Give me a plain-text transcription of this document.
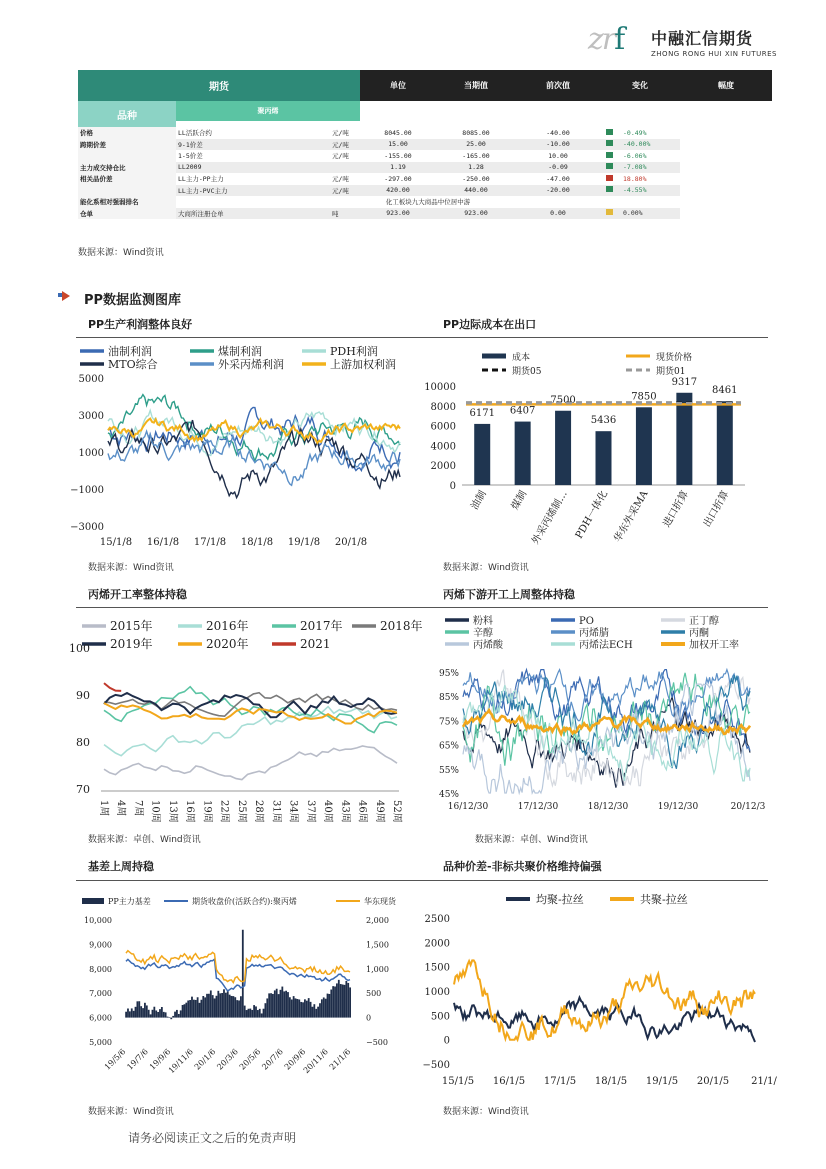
zrf 中融汇信期货
ZHONG RONG HUI XIN FUTURES
期货			单位	当期值	前次值	变化	幅度
品种	聚丙烯						

价格	LL活跃合约	元/吨	8045.00	8085.00	-40.00	-0.49%	
跨期价差	9-1价差	元/吨	15.00	25.00	-10.00	-40.00%	
	1-5价差	元/吨	-155.00	-165.00	10.00	-6.06%	
主力成交持仓比	LL2009		1.19	1.28	-0.09	-7.08%	
相关品价差	LL主力-PP主力	元/吨	-297.00	-250.00	-47.00	18.80%	
	LL主力-PVC主力	元/吨	420.00	440.00	-20.00	-4.55%	
能化系相对强弱排名	化工板块九大商品中位居中游						
仓单	大商所注册仓单	吨	923.00	923.00	0.00	0.00%	
数据来源：Wind资讯
PP数据监测图库
PP生产利润整体良好	PP边际成本在出口
丙烯开工率整体持稳	丙烯下游开工上周整体持稳
基差上周持稳	品种价差-非标共聚价格维持偏强
油制利润	煤制利润	PDH利润
MTO综合	外采丙烯利润	上游加权利润
5000
3000
1000
−1000
−3000
15/1/8 16/1/8 17/1/8 18/1/8 19/1/8 20/1/8
数据来源：Wind资讯
成本	现货价格
期货05	期货01
10000
8000
6000
4000
2000
0
6171
油制
6407
煤制
7500
外采丙烯制…
5436
PDH一体化
7850
华东外采MA
9317
进口折算
8461
出口折算
数据来源：Wind资讯
2015年	2016年	2017年	2018年
2019年	2020年	2021
100
90
80
70
1周 4周 7周 10周 13周 16周 19周 22周 25周 28周 31周 34周 37周 40周 43周 46周 49周 52周
数据来源：卓创、Wind资讯
粉料	PO	正丁醇
辛醇	丙烯腈	丙酮
丙烯酸	丙烯法ECH	加权开工率
95%
85%
75%
65%
55%
45%
16/12/30	17/12/30	18/12/30	19/12/30	20/12/3
数据来源：卓创、Wind资讯
PP主力基差	期货收盘价(活跃合约):聚丙烯	华东现货
10,000
9,000
8,000
7,000
6,000
5,000
2,000
1,500
1,000
500
0
−500
19/5/6
19/7/6
19/9/6
19/11/6
20/1/6
20/3/6
20/5/6
20/7/6
20/9/6
20/11/6
21/1/6
数据来源：Wind资讯
均聚-拉丝	共聚-拉丝
2500
2000
1500
1000
500
0
−500
15/1/5 16/1/5 17/1/5 18/1/5 19/1/5 20/1/5 21/1/
数据来源：Wind资讯
请务必阅读正文之后的免责声明
